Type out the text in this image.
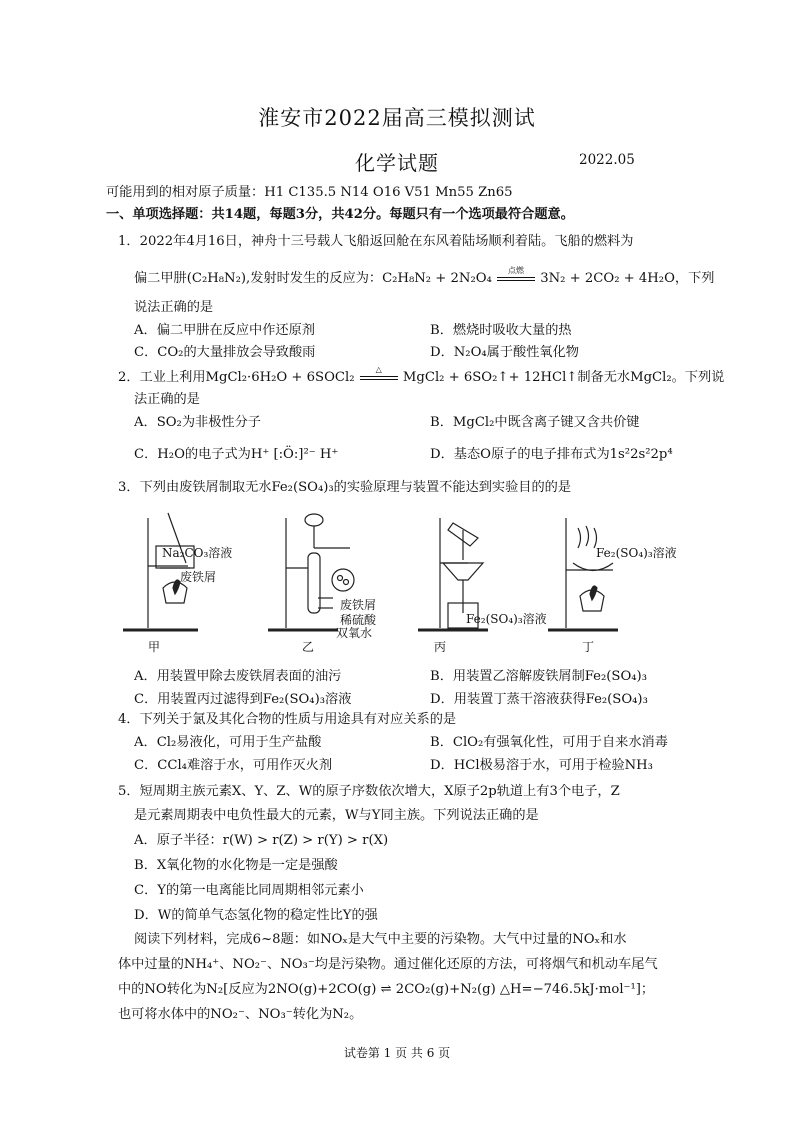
淮安市2022届高三模拟测试
化学试题	2022.05
可能用到的相对原子质量：H1 C135.5 N14 O16 V51 Mn55 Zn65
一、单项选择题：共14题，每题3分，共42分。每题只有一个选项最符合题意。
1．2022年4月16日，神舟十三号载人飞船返回舱在东风着陆场顺利着陆。飞船的燃料为
偏二甲肼(C₂H₈N₂),发射时发生的反应为：C₂H₈N₂ + 2N₂O₄
点燃
3N₂ + 2CO₂ + 4H₂O，下列
说法正确的是
A．偏二甲肼在反应中作还原剂	B．燃烧时吸收大量的热
C．CO₂的大量排放会导致酸雨	D．N₂O₄属于酸性氧化物
2．工业上利用MgCl₂·6H₂O + 6SOCl₂
△
MgCl₂ + 6SO₂↑+ 12HCl↑制备无水MgCl₂。下列说
法正确的是
A．SO₂为非极性分子	B．MgCl₂中既含离子键又含共价键
C．H₂O的电子式为H⁺ [:Ö:]²⁻ H⁺	D．基态O原子的电子排布式为1s²2s²2p⁴
3．下列由废铁屑制取无水Fe₂(SO₄)₃的实验原理与装置不能达到实验目的的是
Na₂CO₃溶液
废铁屑
甲
废铁屑
稀硫酸
双氧水
乙
Fe₂(SO₄)₃溶液
丙
Fe₂(SO₄)₃溶液
丁
A．用装置甲除去废铁屑表面的油污	B．用装置乙溶解废铁屑制Fe₂(SO₄)₃
C．用装置丙过滤得到Fe₂(SO₄)₃溶液	D．用装置丁蒸干溶液获得Fe₂(SO₄)₃
4．下列关于氯及其化合物的性质与用途具有对应关系的是
A．Cl₂易液化，可用于生产盐酸	B．ClO₂有强氧化性，可用于自来水消毒
C．CCl₄难溶于水，可用作灭火剂	D．HCl极易溶于水，可用于检验NH₃
5．短周期主族元素X、Y、Z、W的原子序数依次增大，X原子2p轨道上有3个电子，Z
是元素周期表中电负性最大的元素，W与Y同主族。下列说法正确的是
A．原子半径：r(W) > r(Z) > r(Y) > r(X)
B．X氧化物的水化物是一定是强酸
C．Y的第一电离能比同周期相邻元素小
D．W的简单气态氢化物的稳定性比Y的强
阅读下列材料，完成6~8题：如NOₓ是大气中主要的污染物。大气中过量的NOₓ和水
体中过量的NH₄⁺、NO₂⁻、NO₃⁻均是污染物。通过催化还原的方法，可将烟气和机动车尾气
中的NO转化为N₂[反应为2NO(g)+2CO(g) ⇌ 2CO₂(g)+N₂(g) △H=−746.5kJ·mol⁻¹]；
也可将水体中的NO₂⁻、NO₃⁻转化为N₂。
试卷第 1 页 共 6 页
